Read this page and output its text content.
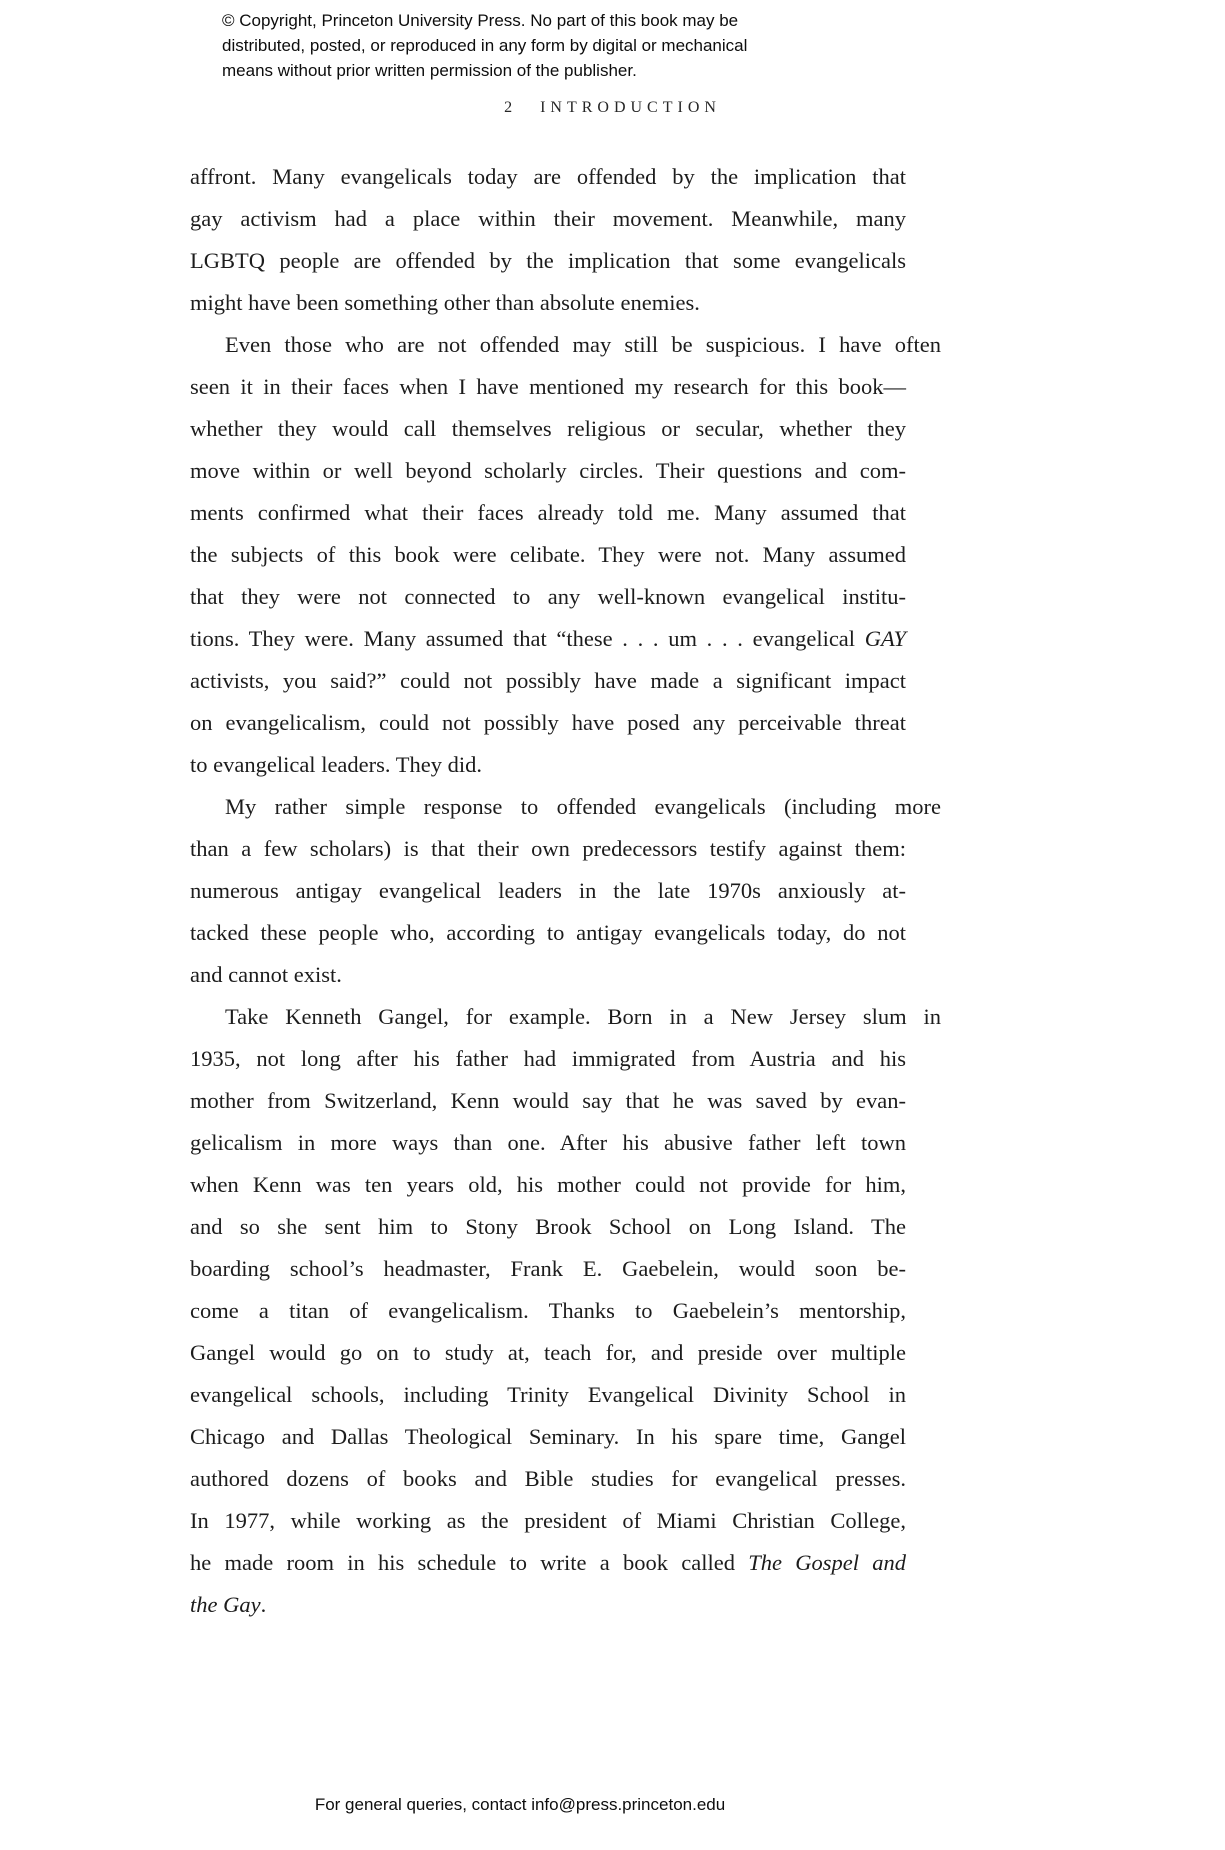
© Copyright, Princeton University Press. No part of this book may be
distributed, posted, or reproduced in any form by digital or mechanical
means without prior written permission of the publisher.
2 INTRODUCTION
affront. Many evangelicals today are offended by the implication that
gay activism had a place within their movement. Meanwhile, many
LGBTQ people are offended by the implication that some evangelicals
might have been something other than absolute enemies.
Even those who are not offended may still be suspicious. I have often
seen it in their faces when I have mentioned my research for this book—
whether they would call themselves religious or secular, whether they
move within or well beyond scholarly circles. Their questions and com-
ments confirmed what their faces already told me. Many assumed that
the subjects of this book were celibate. They were not. Many assumed
that they were not connected to any well-known evangelical institu-
tions. They were. Many assumed that “these . . . um . . . evangelical GAY
activists, you said?” could not possibly have made a significant impact
on evangelicalism, could not possibly have posed any perceivable threat
to evangelical leaders. They did.
My rather simple response to offended evangelicals (including more
than a few scholars) is that their own predecessors testify against them:
numerous antigay evangelical leaders in the late 1970s anxiously at-
tacked these people who, according to antigay evangelicals today, do not
and cannot exist.
Take Kenneth Gangel, for example. Born in a New Jersey slum in
1935, not long after his father had immigrated from Austria and his
mother from Switzerland, Kenn would say that he was saved by evan-
gelicalism in more ways than one. After his abusive father left town
when Kenn was ten years old, his mother could not provide for him,
and so she sent him to Stony Brook School on Long Island. The
boarding school’s headmaster, Frank E. Gaebelein, would soon be-
come a titan of evangelicalism. Thanks to Gaebelein’s mentorship,
Gangel would go on to study at, teach for, and preside over multiple
evangelical schools, including Trinity Evangelical Divinity School in
Chicago and Dallas Theological Seminary. In his spare time, Gangel
authored dozens of books and Bible studies for evangelical presses.
In 1977, while working as the president of Miami Christian College,
he made room in his schedule to write a book called The Gospel and
the Gay.
For general queries, contact info@press.princeton.edu
